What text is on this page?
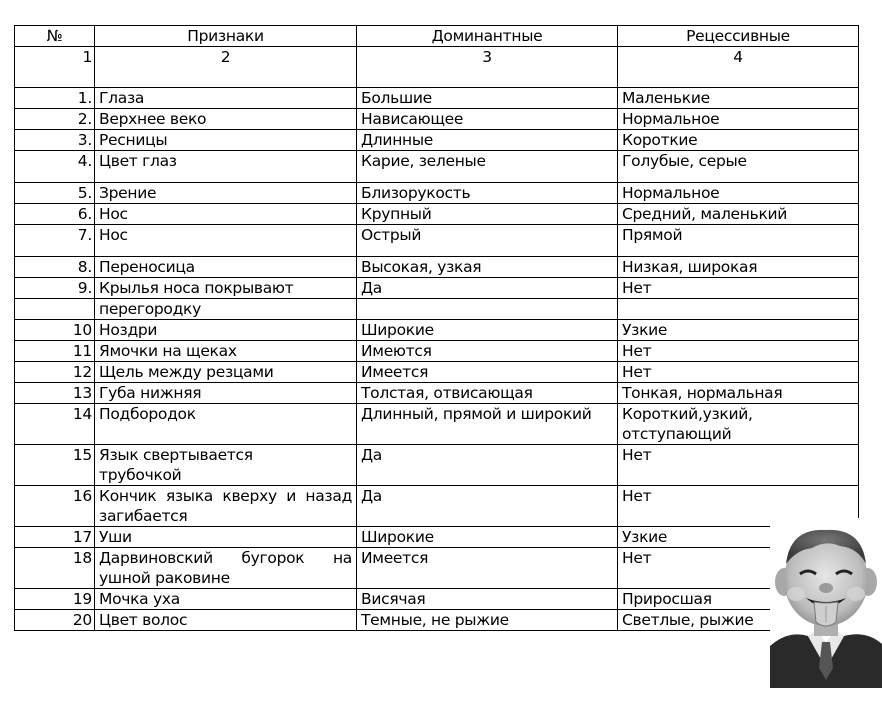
№	Признаки	Доминантные	Рецессивные
1	2	3	4
1.	Глаза	Большие	Маленькие
2.	Верхнее веко	Нависающее	Нормальное
3.	Ресницы	Длинные	Короткие
4.	Цвет глаз	Карие, зеленые	Голубые, серые
5.	Зрение	Близорукость	Нормальное
6.	Нос	Крупный	Средний, маленький
7.	Нос	Острый	Прямой
8.	Переносица	Высокая, узкая	Низкая, широкая
9.	Крылья носа покрывают	Да	Нет
	перегородку		
10	Ноздри	Широкие	Узкие
11	Ямочки на щеках	Имеются	Нет
12	Щель между резцами	Имеется	Нет
13	Губа нижняя	Толстая, отвисающая	Тонкая, нормальная
14	Подбородок	Длинный, прямой и широкий	Короткий,узкий, отступающий
15	Язык свертывается трубочкой	Да	Нет
16	Кончик языка кверху и назад загибается	Да	Нет
17	Уши	Широкие	Узкие
18	Дарвиновский бугорок на ушной раковине	Имеется	Нет
19	Мочка уха	Висячая	Приросшая
20	Цвет волос	Темные, не рыжие	Светлые, рыжие
